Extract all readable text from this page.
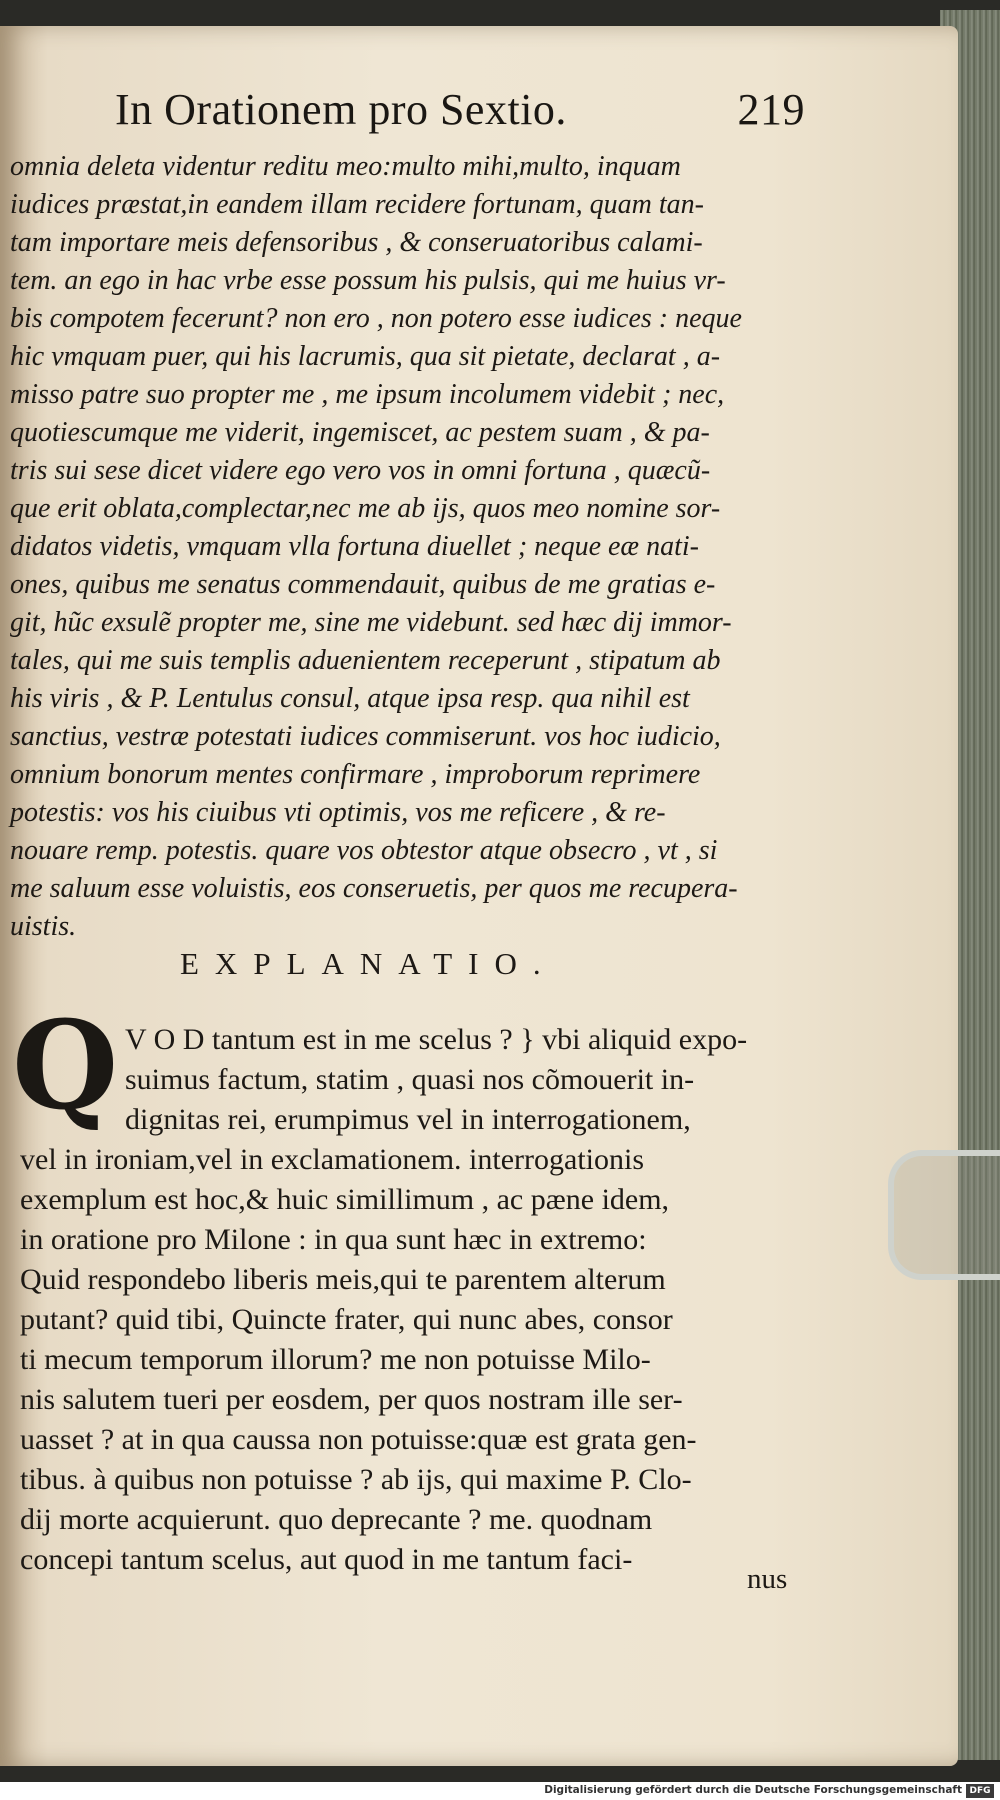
In Orationem pro Sextio.	219
omnia deleta videntur reditu meo:multo mihi,multo, inquam
iudices præstat,in eandem illam recidere fortunam, quam tan-
tam importare meis defensoribus , & conseruatoribus calami-
tem. an ego in hac vrbe esse possum his pulsis, qui me huius vr-
bis compotem fecerunt? non ero , non potero esse iudices : neque
hic vmquam puer, qui his lacrumis, qua sit pietate, declarat , a-
misso patre suo propter me , me ipsum incolumem videbit ; nec,
quotiescumque me viderit, ingemiscet, ac pestem suam , & pa-
tris sui sese dicet videre ego vero vos in omni fortuna , quæcũ-
que erit oblata,complectar,nec me ab ijs, quos meo nomine sor-
didatos videtis, vmquam vlla fortuna diuellet ; neque eæ nati-
ones, quibus me senatus commendauit, quibus de me gratias e-
git, hũc exsulẽ propter me, sine me videbunt. sed hæc dij immor-
tales, qui me suis templis aduenientem receperunt , stipatum ab
his viris , & P. Lentulus consul, atque ipsa resp. qua nihil est
sanctius, vestræ potestati iudices commiserunt. vos hoc iudicio,
omnium bonorum mentes confirmare , improborum reprimere
potestis: vos his ciuibus vti optimis, vos me reficere , & re-
nouare remp. potestis. quare vos obtestor atque obsecro , vt , si
me saluum esse voluistis, eos conseruetis, per quos me recupera-
uistis.
EXPLANATIO.
Q V O D tantum est in me scelus ? } vbi aliquid expo-
suimus factum, statim , quasi nos cõmouerit in-
dignitas rei, erumpimus vel in interrogationem,
vel in ironiam,vel in exclamationem. interrogationis
exemplum est hoc,& huic simillimum , ac pæne idem,
in oratione pro Milone : in qua sunt hæc in extremo:
Quid respondebo liberis meis,qui te parentem alterum
putant? quid tibi, Quincte frater, qui nunc abes, consor
ti mecum temporum illorum? me non potuisse Milo-
nis salutem tueri per eosdem, per quos nostram ille ser-
uasset ? at in qua caussa non potuisse:quæ est grata gen-
tibus. à quibus non potuisse ? ab ijs, qui maxime P. Clo-
dij morte acquierunt. quo deprecante ? me. quodnam
concepi tantum scelus, aut quod in me tantum faci-
nus
Digitalisierung gefördert durch die Deutsche Forschungsgemeinschaft DFG
